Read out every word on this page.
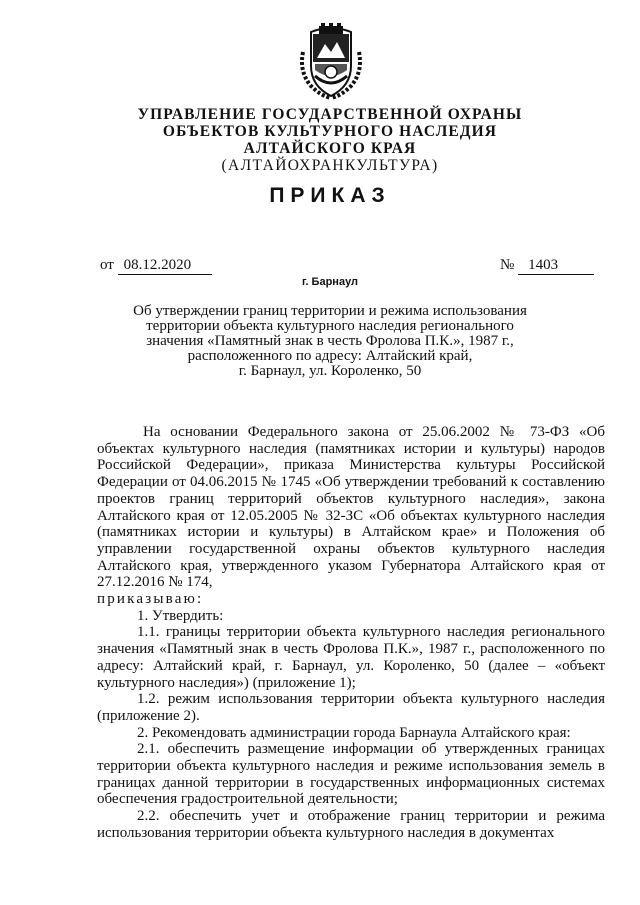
УПРАВЛЕНИЕ ГОСУДАРСТВЕННОЙ ОХРАНЫ
ОБЪЕКТОВ КУЛЬТУРНОГО НАСЛЕДИЯ
АЛТАЙСКОГО КРАЯ
(АЛТАЙОХРАНКУЛЬТУРА)
ПРИКАЗ
от 08.12.2020	№ 1403
г. Барнаул
Об утверждении границ территории и режима использования
территории объекта культурного наследия регионального
значения «Памятный знак в честь Фролова П.К.», 1987 г.,
расположенного по адресу: Алтайский край,
г. Барнаул, ул. Короленко, 50

На основании Федерального закона от 25.06.2002 № 73-ФЗ «Об объектах культурного наследия (памятниках истории и культуры) народов Российской Федерации», приказа Министерства культуры Российской Федерации от 04.06.2015 № 1745 «Об утверждении требований к составлению проектов границ территорий объектов культурного наследия», закона Алтайского края от 12.05.2005 № 32-ЗС «Об объектах культурного наследия (памятниках истории и культуры) в Алтайском крае» и Положения об управлении государственной охраны объектов культурного наследия Алтайского края, утвержденного указом Губернатора Алтайского края от 27.12.2016 № 174,

приказываю:

1. Утвердить:

1.1. границы территории объекта культурного наследия регионального значения «Памятный знак в честь Фролова П.К.», 1987 г., расположенного по адресу: Алтайский край, г. Барнаул, ул. Короленко, 50 (далее – «объект культурного наследия») (приложение 1);

1.2. режим использования территории объекта культурного наследия (приложение 2).

2. Рекомендовать администрации города Барнаула Алтайского края:

2.1. обеспечить размещение информации об утвержденных границах территории объекта культурного наследия и режиме использования земель в границах данной территории в государственных информационных системах обеспечения градостроительной деятельности;

2.2. обеспечить учет и отображение границ территории и режима использования территории объекта культурного наследия в документах
